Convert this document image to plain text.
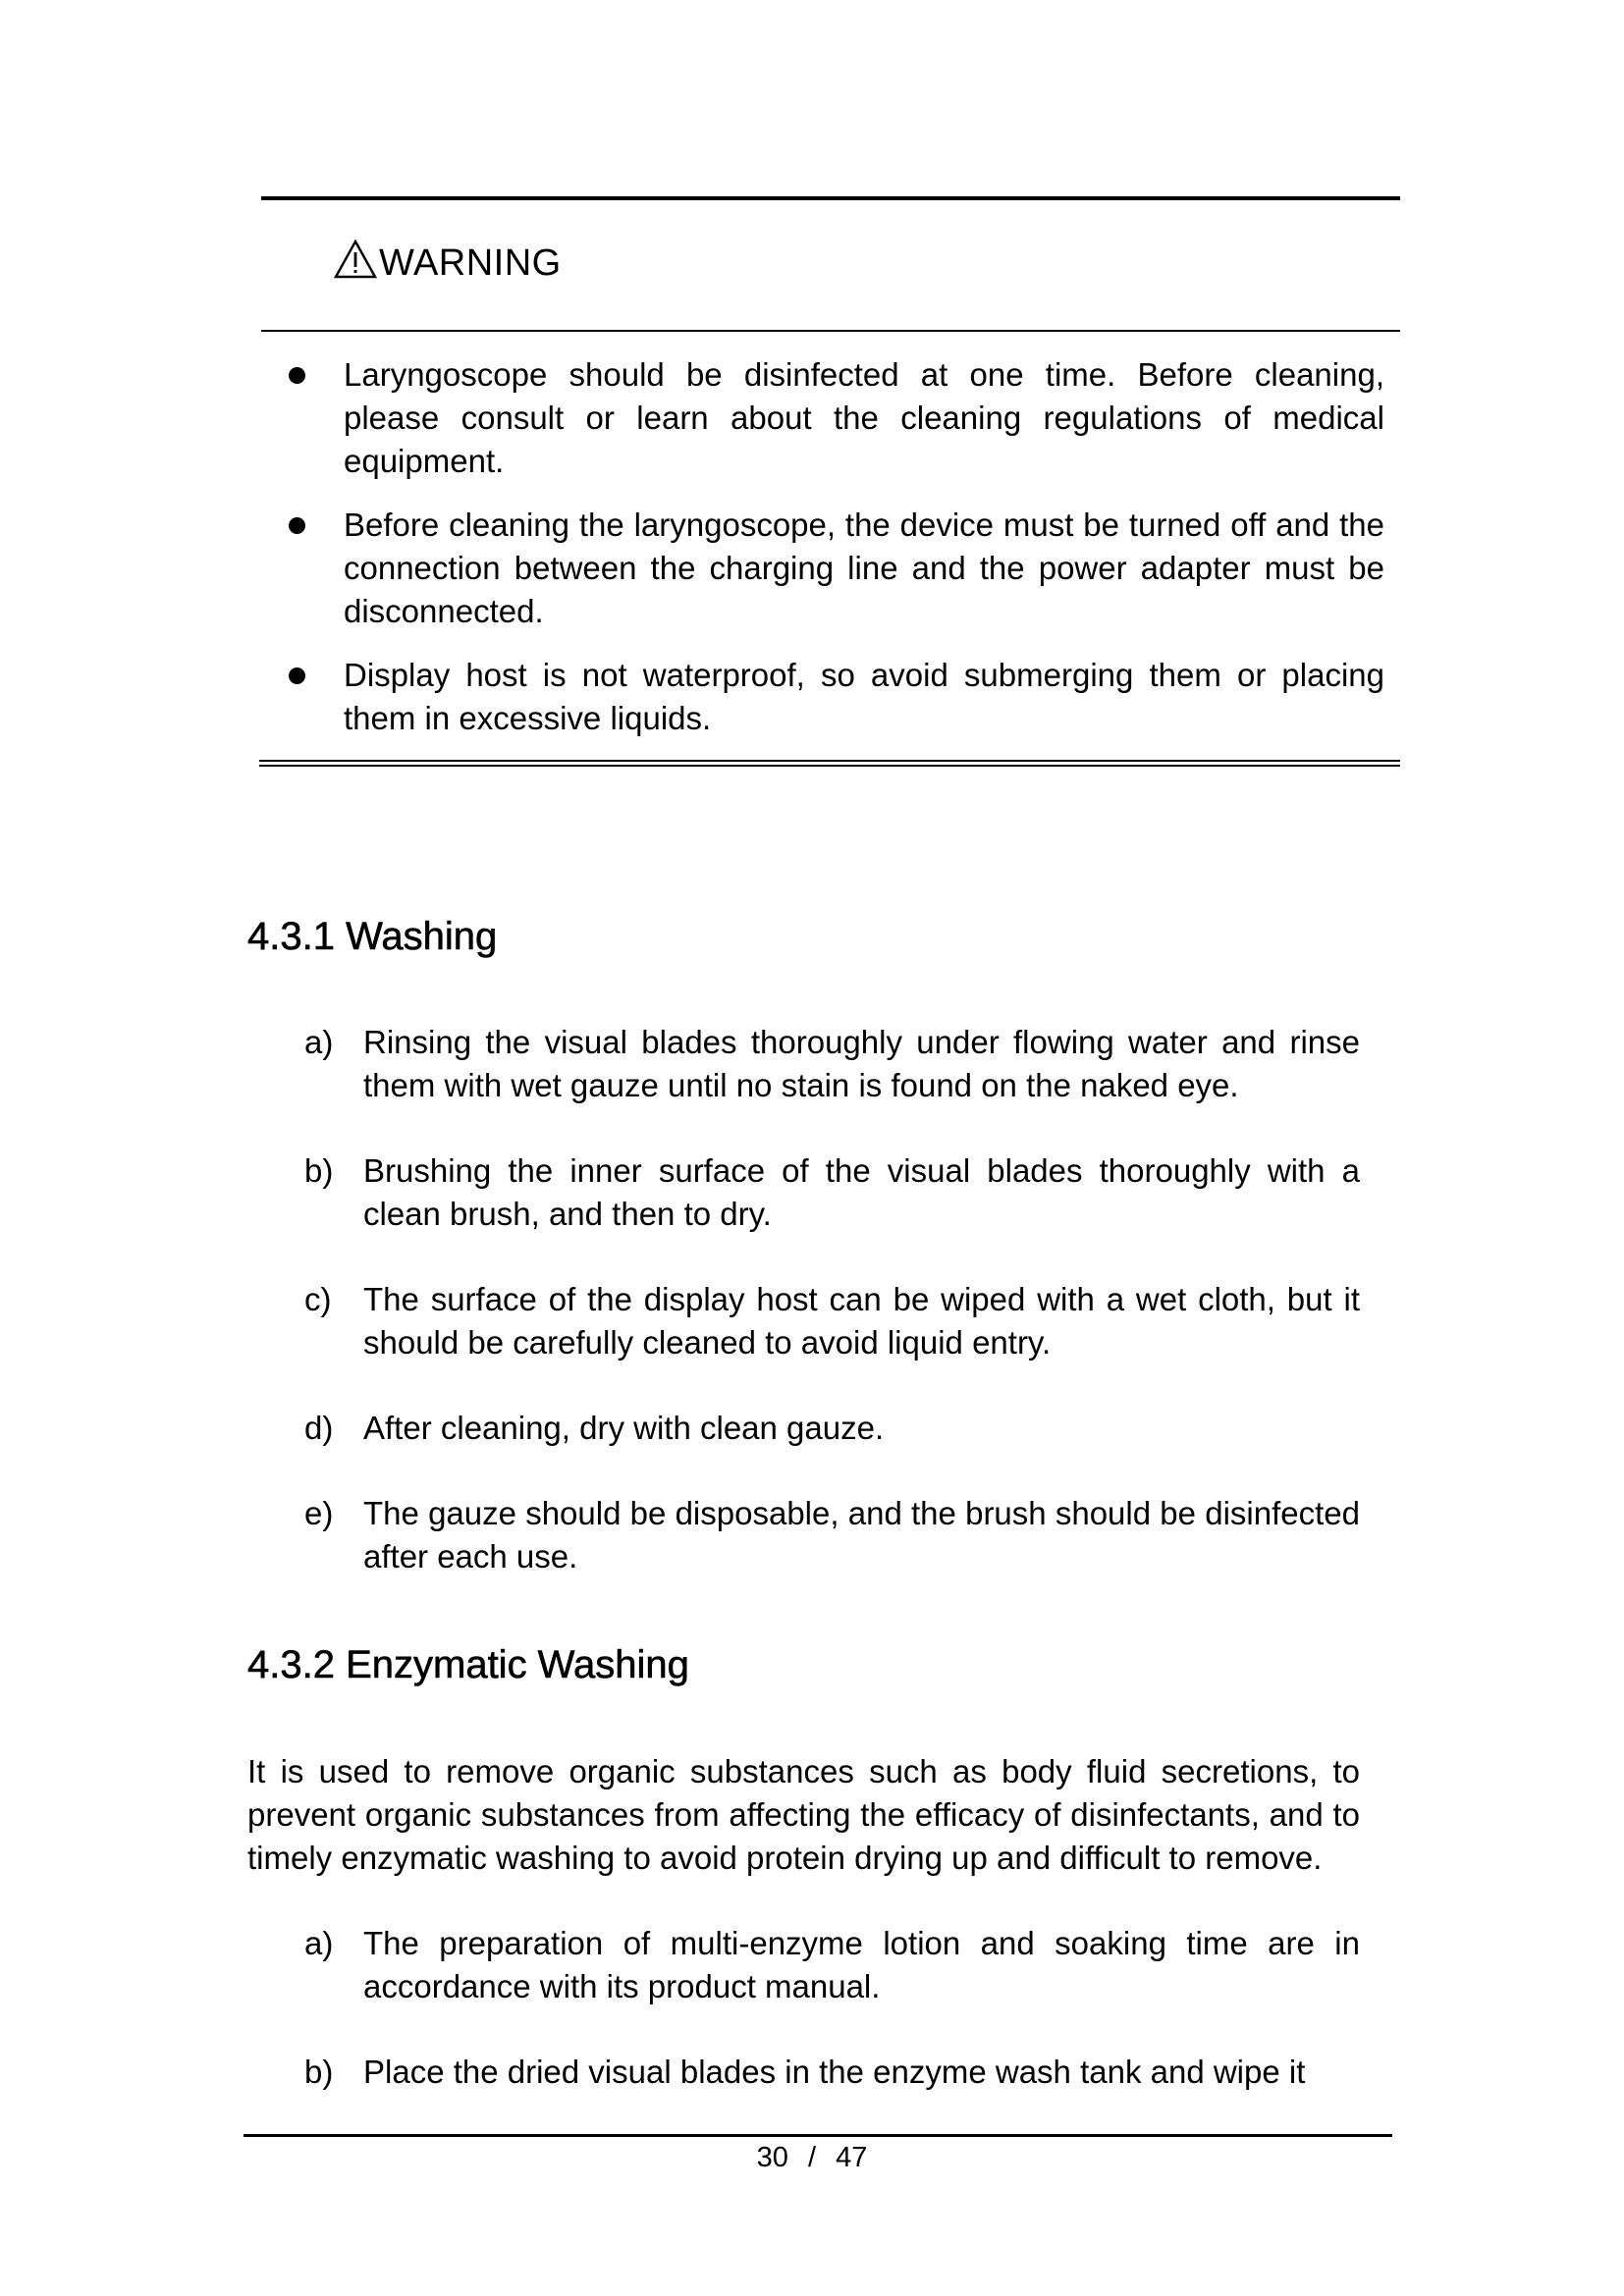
WARNING
Laryngoscope should be disinfected at one time. Before cleaning, please consult or learn about the cleaning regulations of medical equipment.
Before cleaning the laryngoscope, the device must be turned off and the connection between the charging line and the power adapter must be disconnected.
Display host is not waterproof, so avoid submerging them or placing them in excessive liquids.
4.3.1 Washing
a) Rinsing the visual blades thoroughly under flowing water and rinse them with wet gauze until no stain is found on the naked eye.
b) Brushing the inner surface of the visual blades thoroughly with a clean brush, and then to dry.
c) The surface of the display host can be wiped with a wet cloth, but it should be carefully cleaned to avoid liquid entry.
d) After cleaning, dry with clean gauze.
e) The gauze should be disposable, and the brush should be disinfected after each use.
4.3.2 Enzymatic Washing

It is used to remove organic substances such as body fluid secretions, to prevent organic substances from affecting the efficacy of disinfectants, and to timely enzymatic washing to avoid protein drying up and difficult to remove.

a) The preparation of multi-enzyme lotion and soaking time are in accordance with its product manual.
b) Place the dried visual blades in the enzyme wash tank and wipe it
30 / 47
